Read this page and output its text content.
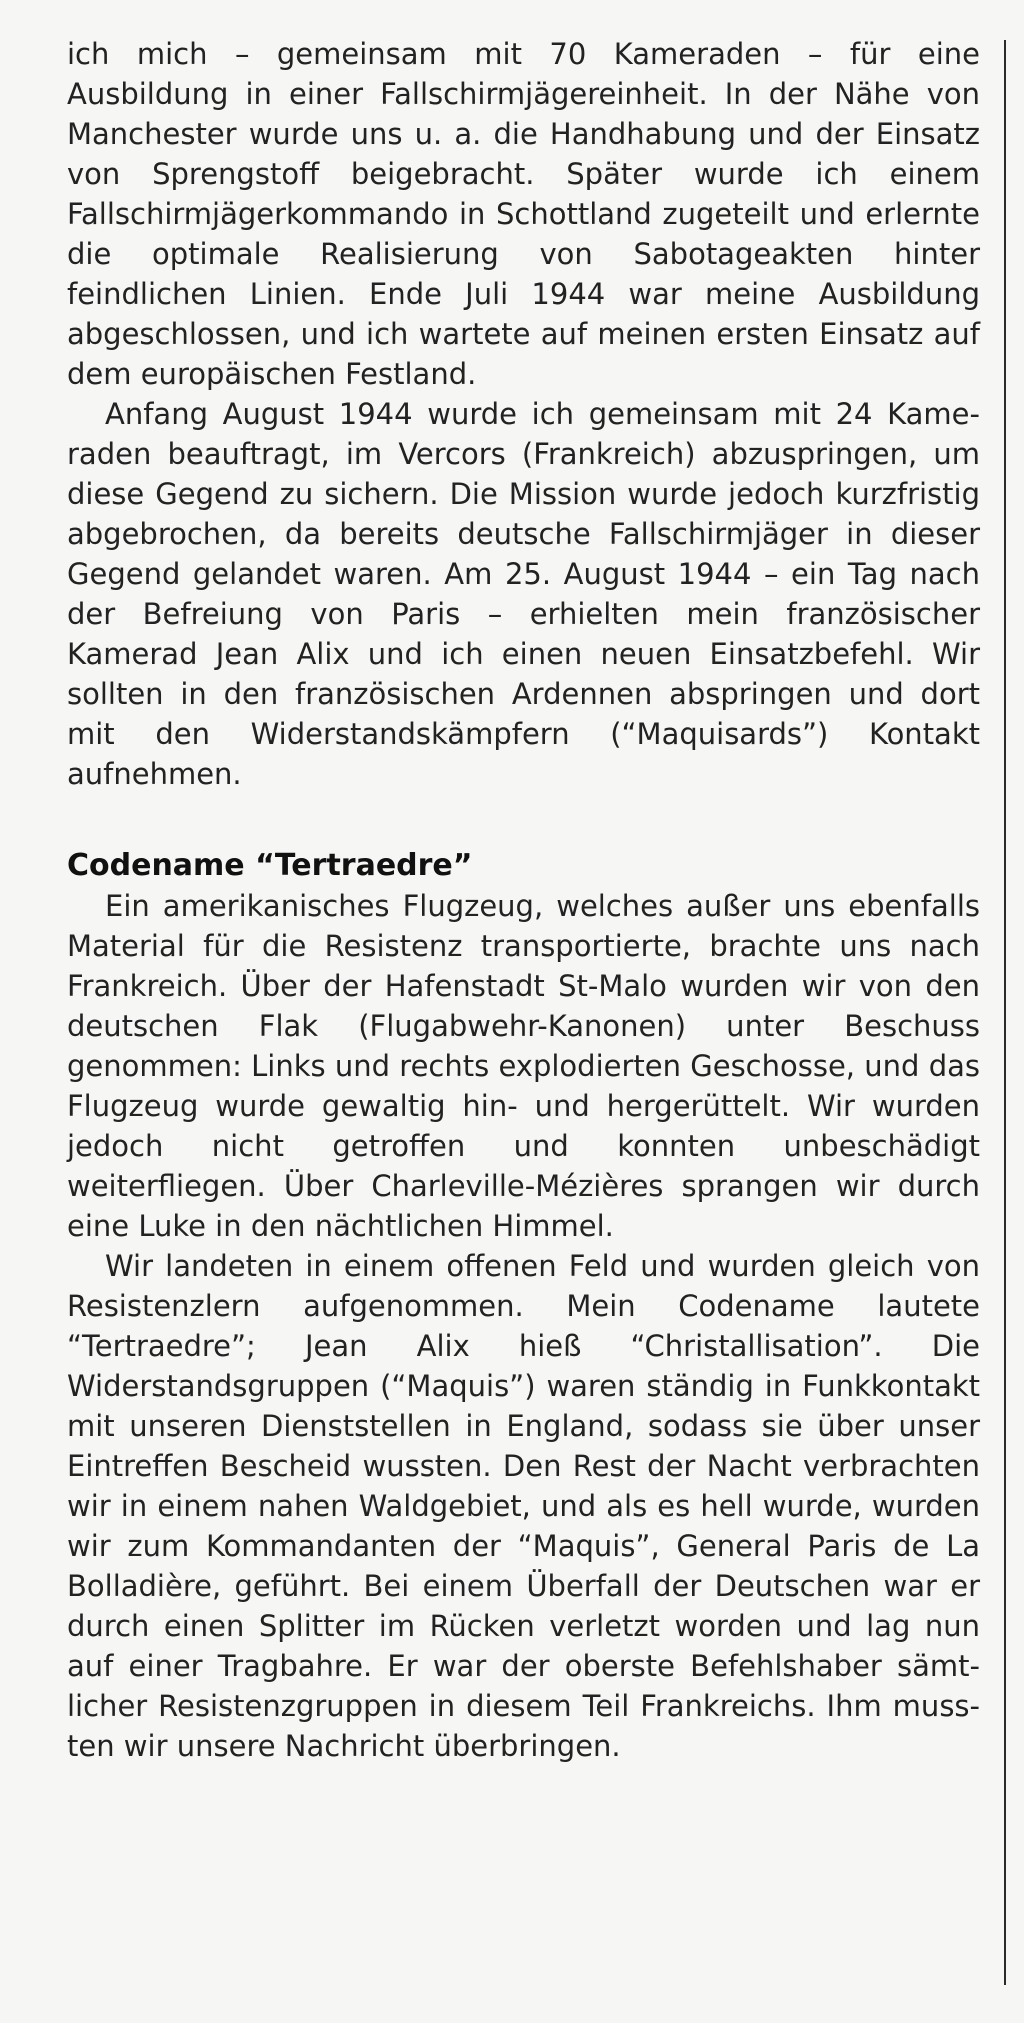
ich mich – gemeinsam mit 70 Kameraden – für eine Ausbildung in einer Fallschirmjägereinheit. In der Nähe von Manchester wurde uns u. a. die Handhabung und der Einsatz von Sprengstoff beigebracht. Später wurde ich einem Fallschirmjägerkommando in Schottland zugeteilt und erlernte die optimale Realisierung von Sabotageakten hinter feindlichen Linien. Ende Juli 1944 war meine Ausbildung abgeschlossen, und ich wartete auf meinen ersten Einsatz auf dem europäischen Festland.

Anfang August 1944 wurde ich gemeinsam mit 24 Kameraden beauftragt, im Vercors (Frankreich) abzuspringen, um diese Gegend zu sichern. Die Mission wurde jedoch kurzfristig abgebrochen, da bereits deutsche Fallschirmjäger in dieser Gegend gelandet waren. Am 25. August 1944 – ein Tag nach der Befreiung von Paris – erhielten mein französischer Kamerad Jean Alix und ich einen neuen Einsatzbefehl. Wir sollten in den französischen Ardennen abspringen und dort mit den Widerstandskämpfern (“Maquisards”) Kontakt aufnehmen.

Codename “Tertraedre”

Ein amerikanisches Flugzeug, welches außer uns ebenfalls Material für die Resistenz transportierte, brachte uns nach Frankreich. Über der Hafenstadt St-Malo wurden wir von den deutschen Flak (Flugabwehr-Kanonen) unter Beschuss genommen: Links und rechts explodierten Geschosse, und das Flugzeug wurde gewaltig hin- und hergerüttelt. Wir wurden jedoch nicht getroffen und konnten unbeschädigt weiterfliegen. Über Charleville-Mézières sprangen wir durch eine Luke in den nächtlichen Himmel.

Wir landeten in einem offenen Feld und wurden gleich von Resistenzlern aufgenommen. Mein Codename lautete “Tertraedre”; Jean Alix hieß “Christallisation”. Die Widerstandsgruppen (“Maquis”) waren ständig in Funkkontakt mit unseren Dienststellen in England, sodass sie über unser Eintreffen Bescheid wussten. Den Rest der Nacht verbrachten wir in einem nahen Waldgebiet, und als es hell wurde, wurden wir zum Kommandanten der “Maquis”, General Paris de La Bolladière, geführt. Bei einem Überfall der Deutschen war er durch einen Splitter im Rücken verletzt worden und lag nun auf einer Tragbahre. Er war der oberste Befehlshaber sämtlicher Resistenzgruppen in diesem Teil Frankreichs. Ihm mussten wir unsere Nachricht überbringen.
